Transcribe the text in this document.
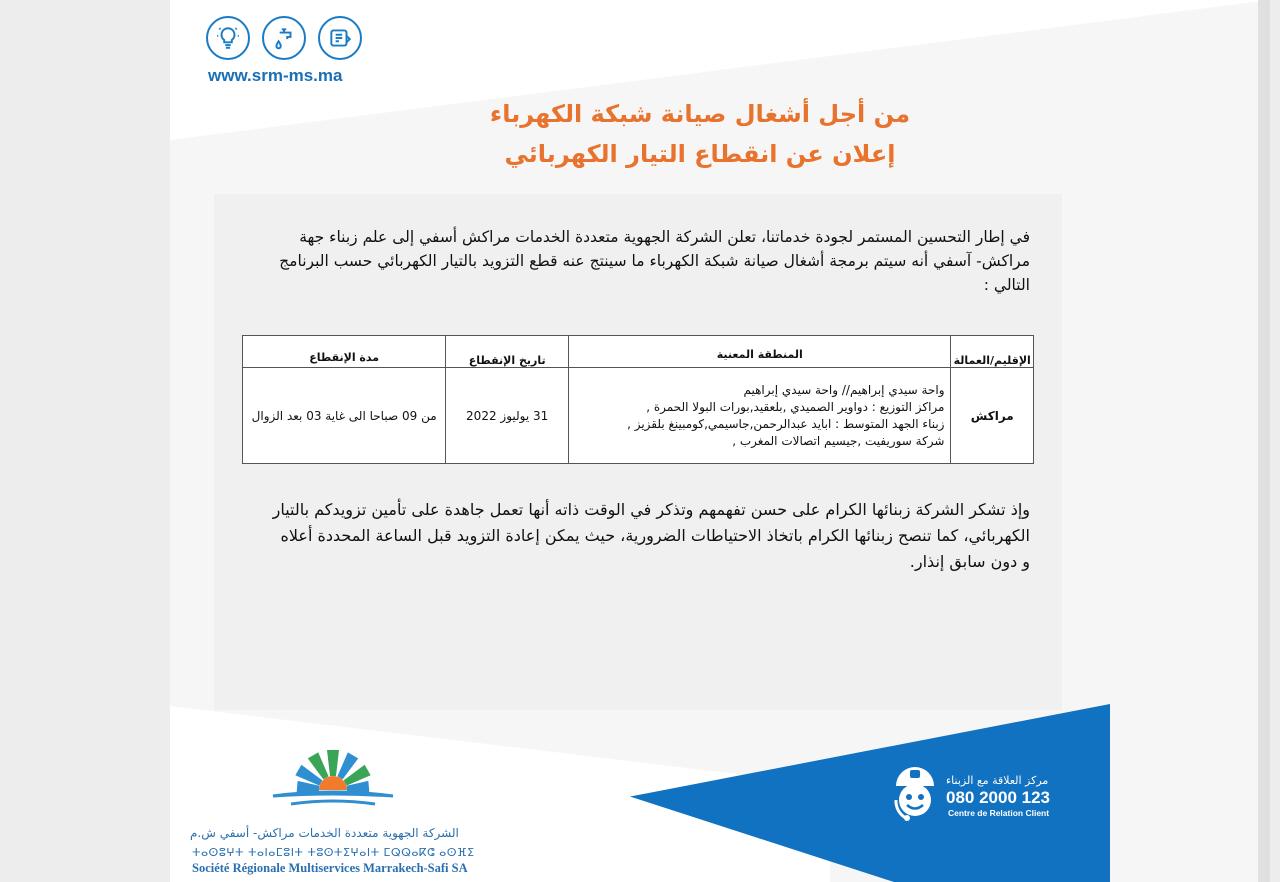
www.srm-ms.ma
من أجل أشغال صيانة شبكة الكهرباء
إعلان عن انقطاع التيار الكهربائي

في إطار التحسين المستمر لجودة خدماتنا، تعلن الشركة الجهوية متعددة الخدمات مراكش أسفي إلى علم زبناء جهة مراكش- آسفي أنه سيتم برمجة أشغال صيانة شبكة الكهرباء ما سينتج عنه قطع التزويد بالتيار الكهربائي حسب البرنامج التالي :

الإقليم/العمالة	المنطقة المعنية	تاريخ الإنقطاع	مدة الإنقطاع
مراكش	واحة سيدي إبراهيم// واحة سيدي إبراهيم
مراكز التوزيع : دواوير الصميدي ,بلعقيد,بورات البولا الحمرة ,
زبناء الجهد المتوسط : ابايد عبدالرحمن,جاسيمي,كومبينغ بلقزيز ,
شركة سوريفيت ,جيسيم اتصالات المغرب ,	31 يوليوز 2022	من 09 صباحا الى غاية 03 بعد الزوال

وإذ تشكر الشركة زبنائها الكرام على حسن تفهمهم وتذكر في الوقت ذاته أنها تعمل جاهدة على تأمين تزويدكم بالتيار الكهربائي، كما تنصح زبنائها الكرام باتخاذ الاحتياطات الضرورية، حيث يمكن إعادة التزويد قبل الساعة المحددة أعلاه و دون سابق إنذار.

الشركة الجهوية متعددة الخدمات مراكش- أسفي ش.م
ⵜⴰⵙⵓⵖⵜ ⵜⴰⵏⴰⵎⵓⵏⵜ ⵜⵓⵙⵜⵉⵖⴰⵏⵜ ⵎⵕⵕⴰⴽⵛ ⴰⵙⴼⵉ
Société Régionale Multiservices Marrakech-Safi SA
مركز العلاقة مع الزبناء
080 2000 123
Centre de Relation Client
